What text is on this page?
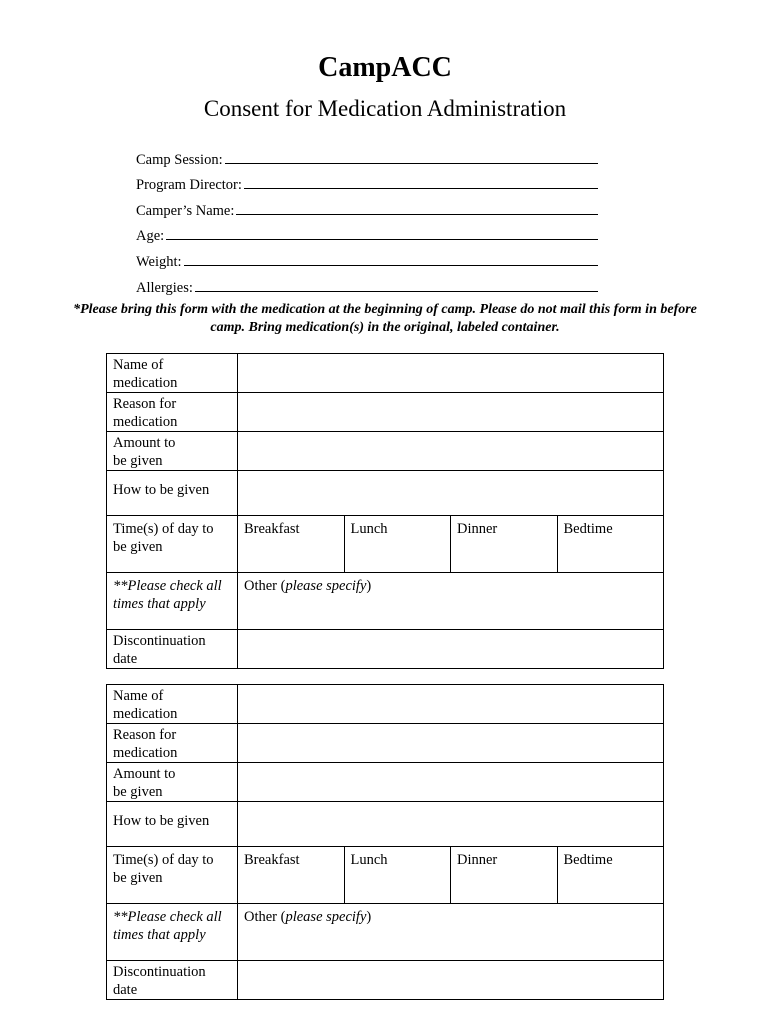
CampACC
Consent for Medication Administration
Camp Session:
Program Director:
Camper’s Name:
Age:
Weight:
Allergies:
*Please bring this form with the medication at the beginning of camp. Please do not mail this form in before
camp. Bring medication(s) in the original, labeled container.
Name of
medication				
Reason for
medication				
Amount to
be given				
How to be given				
Time(s) of day to
be given	Breakfast	Lunch	Dinner	Bedtime
**Please check all
times that apply	Other (please specify)			
Discontinuation
date				
Name of
medication				
Reason for
medication				
Amount to
be given				
How to be given				
Time(s) of day to
be given	Breakfast	Lunch	Dinner	Bedtime
**Please check all
times that apply	Other (please specify)			
Discontinuation
date				
